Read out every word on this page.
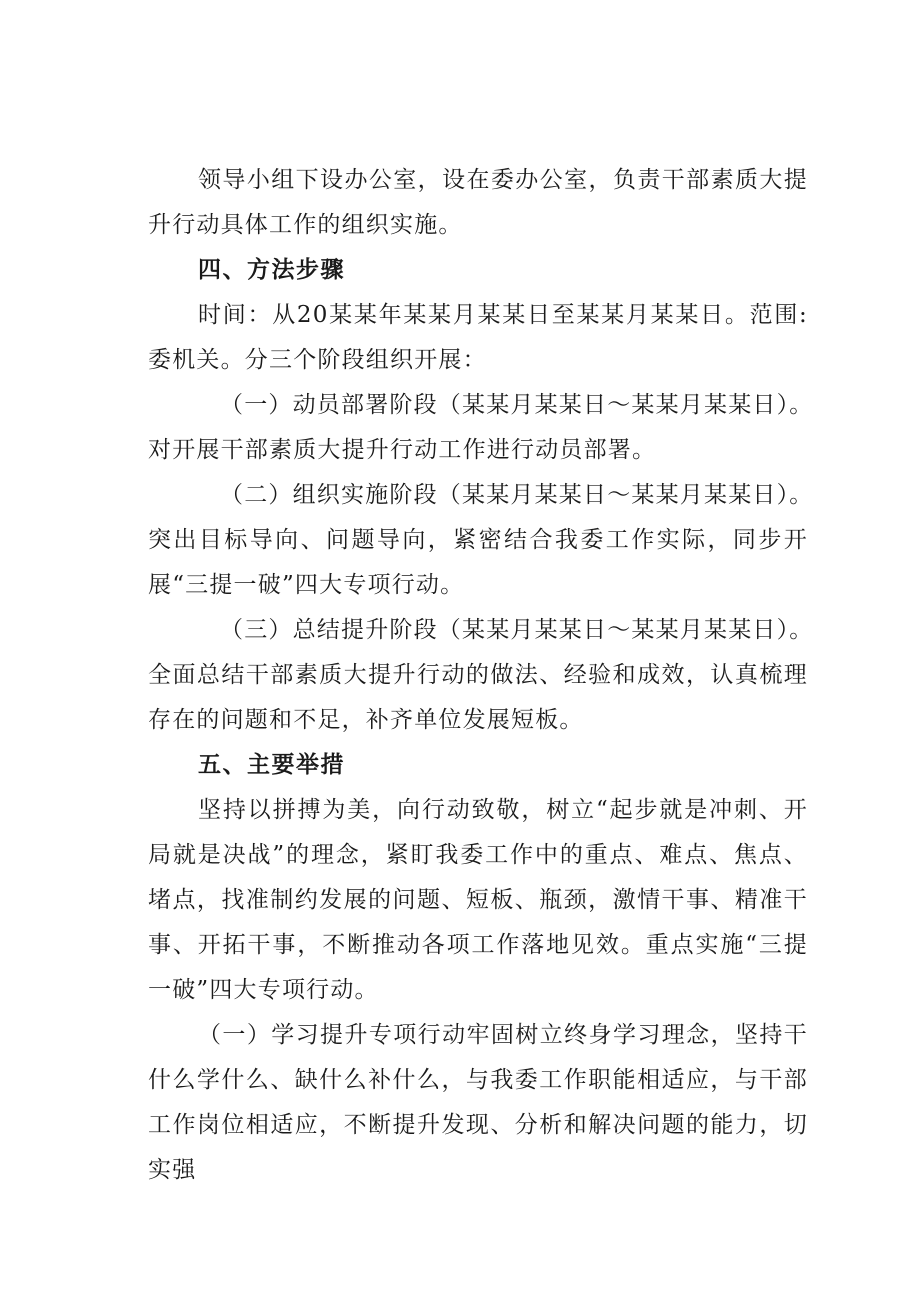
领导小组下设办公室，设在委办公室，负责干部素质大提升行动具体工作的组织实施。

四、方法步骤

时间：从20某某年某某月某某日至某某月某某日。范围:委机关。分三个阶段组织开展：

（一）动员部署阶段（某某月某某日～某某月某某日）。

对开展干部素质大提升行动工作进行动员部署。

（二）组织实施阶段（某某月某某日～某某月某某日）。

突出目标导向、问题导向，紧密结合我委工作实际，同步开展“三提一破”四大专项行动。

（三）总结提升阶段（某某月某某日～某某月某某日）。

全面总结干部素质大提升行动的做法、经验和成效，认真梳理存在的问题和不足，补齐单位发展短板。

五、主要举措

坚持以拼搏为美，向行动致敬，树立“起步就是冲刺、开局就是决战”的理念，紧盯我委工作中的重点、难点、焦点、堵点，找准制约发展的问题、短板、瓶颈，激情干事、精准干事、开拓干事，不断推动各项工作落地见效。重点实施“三提一破”四大专项行动。

（一）学习提升专项行动牢固树立终身学习理念，坚持干什么学什么、缺什么补什么，与我委工作职能相适应，与干部工作岗位相适应，不断提升发现、分析和解决问题的能力，切实强
